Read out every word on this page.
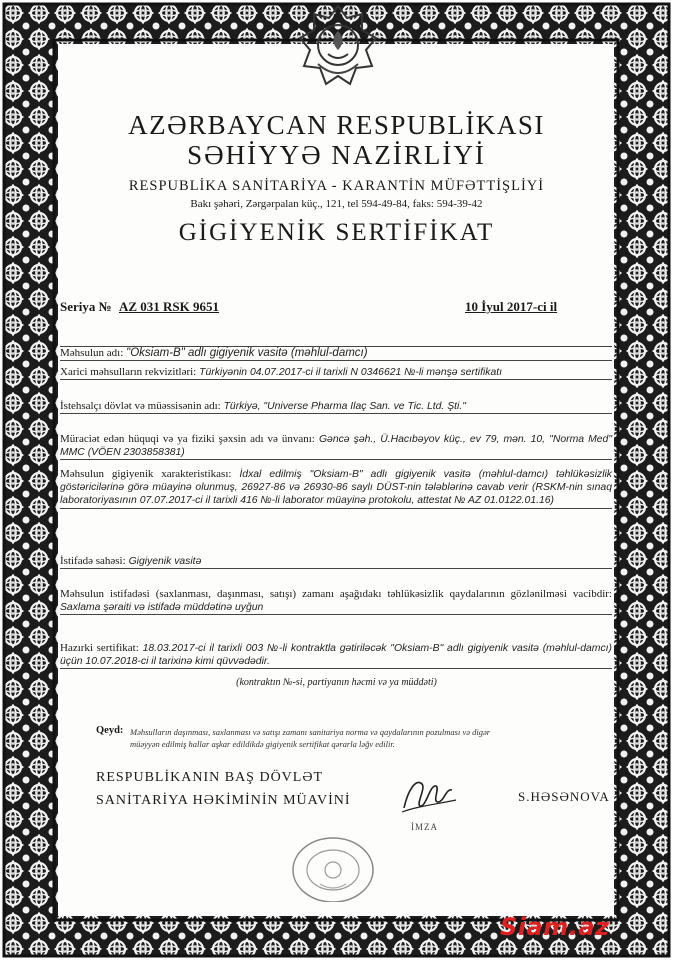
AZƏRBAYCAN RESPUBLİKASI
SƏHİYYƏ NAZİRLİYİ
RESPUBLİKA SANİTARİYA - KARANTİN MÜFƏTTİŞLİYİ
Bakı şəhəri, Zərgərpalan küç., 121, tel 594-49-84, faks: 594-39-42
GİGİYENİK SERTİFİKAT
Seriya № AZ 031 RSK 9651	10 İyul 2017-ci il
Məhsulun adı: "Oksiam-B" adlı gigiyenik vasitə (məhlul-damcı)
Xarici məhsulların rekvizitləri: Türkiyənin 04.07.2017-ci il tarixli N 0346621 №-li mənşə sertifikatı
İstehsalçı dövlət və müəssisənin adı: Türkiyə, "Universe Pharma Ilaç San. ve Tic. Ltd. Şti."
Müraciət edən hüquqi və ya fiziki şəxsin adı və ünvanı: Gəncə şəh., Ü.Hacıbəyov küç., ev 79, mən. 10, "Norma Med" MMC (VÖEN 2303858381)
Məhsulun gigiyenik xarakteristikası: İdxal edilmiş "Oksiam-B" adlı gigiyenik vasitə (məhlul-damcı) təhlükəsizlik göstəricilərinə görə müayinə olunmuş, 26927-86 və 26930-86 saylı DÜST-nin tələblərinə cavab verir (RSKM-nin sınaq laboratoriyasının 07.07.2017-ci il tarixli 416 №-li laborator müayinə protokolu, attestat № AZ 01.0122.01.16)
İstifadə sahəsi: Gigiyenik vasitə
Məhsulun istifadəsi (saxlanması, daşınması, satışı) zamanı aşağıdakı təhlükəsizlik qaydalarının gözlənilməsi vacibdir: Saxlama şəraiti və istifadə müddətinə uyğun
Hazırki sertifikat: 18.03.2017-ci il tarixli 003 №-li kontraktla gətiriləcək "Oksiam-B" adlı gigiyenik vasitə (məhlul-damcı) üçün 10.07.2018-ci il tarixinə kimi qüvvədədir.
(kontraktın №-si, partiyanın həcmi və ya müddəti)
Qeyd: Məhsulların daşınması, saxlanması və satışı zamanı sanitariya norma və qaydalarının pozulması və digər müəyyən edilmiş hallar aşkar edildikdə gigiyenik sertifikat qərarla ləğv edilir.
RESPUBLİKANIN BAŞ DÖVLƏT
SANİTARİYA HƏKİMİNİN MÜAVİNİ
İMZA
S.HƏSƏNOVA
Siam.az
